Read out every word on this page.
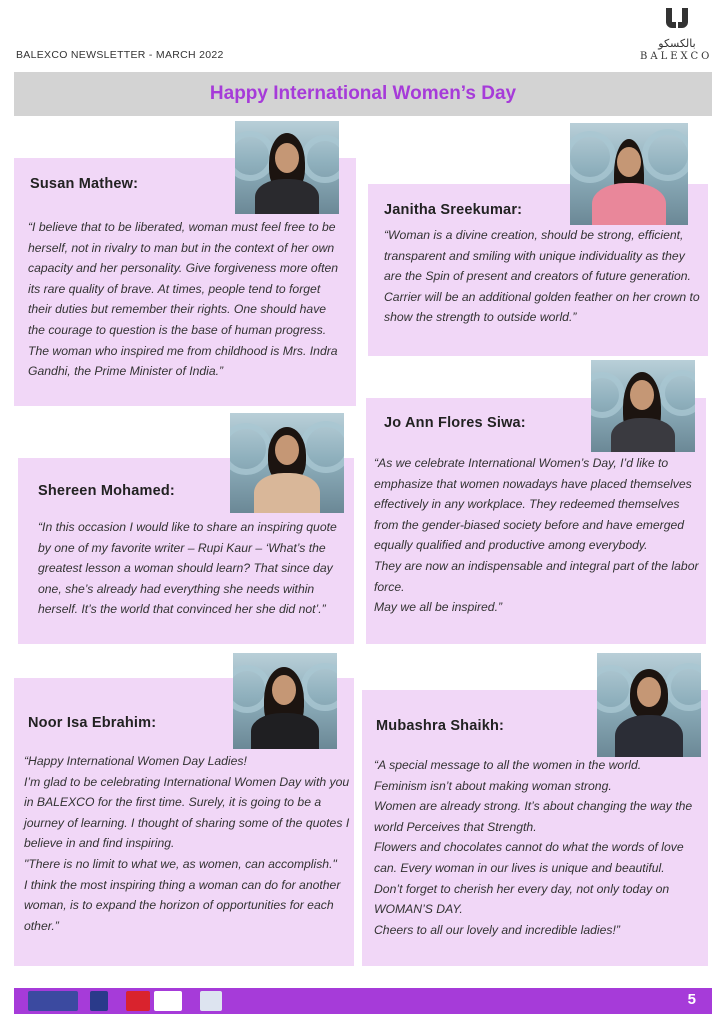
BALEXCO NEWSLETTER - MARCH 2022
بالكسكو
BALEXCO
Happy International Women’s Day
Susan Mathew:

“I believe that to be liberated, woman must feel free to be herself, not in rivalry to man but in the context of her own capacity and her personality. Give forgiveness more often its rare quality of brave. At times, people tend to forget their duties but remember their rights. One should have the courage to question is the base of human progress. The woman who inspired me from childhood is Mrs. Indra Gandhi, the Prime Minister of India.”

Janitha Sreekumar:

“Woman is a divine creation, should be strong, efficient, transparent and smiling with unique individuality as they are the Spin of present and creators of future generation. Carrier will be an additional golden feather on her crown to show the strength to outside world.”

Jo Ann Flores Siwa:

“As we celebrate International Women’s Day, I’d like to emphasize that women nowadays have placed themselves effectively in any workplace. They redeemed themselves from the gender-biased society before and have emerged equally qualified and productive among everybody.

They are now an indispensable and integral part of the labor force.

May we all be inspired.”

Shereen Mohamed:

“In this occasion I would like to share an inspiring quote by one of my favorite writer – Rupi Kaur – ‘What’s the greatest lesson a woman should learn? That since day one, she’s already had everything she needs within herself. It’s the world that convinced her she did not’.”

Noor Isa Ebrahim:

“Happy International Women Day Ladies!

I’m glad to be celebrating International Women Day with you in BALEXCO for the first time. Surely, it is going to be a journey of learning. I thought of sharing some of the quotes I believe in and find inspiring.

"There is no limit to what we, as women, can accomplish."

I think the most inspiring thing a woman can do for another woman, is to expand the horizon of opportunities for each other.”

Mubashra Shaikh:

“A special message to all the women in the world.

Feminism isn’t about making woman strong.

Women are already strong. It’s about changing the way the world Perceives that Strength.

Flowers and chocolates cannot do what the words of love can. Every woman in our lives is unique and beautiful.

Don’t forget to cherish her every day, not only today on WOMAN’S DAY.

Cheers to all our lovely and incredible ladies!”

5
